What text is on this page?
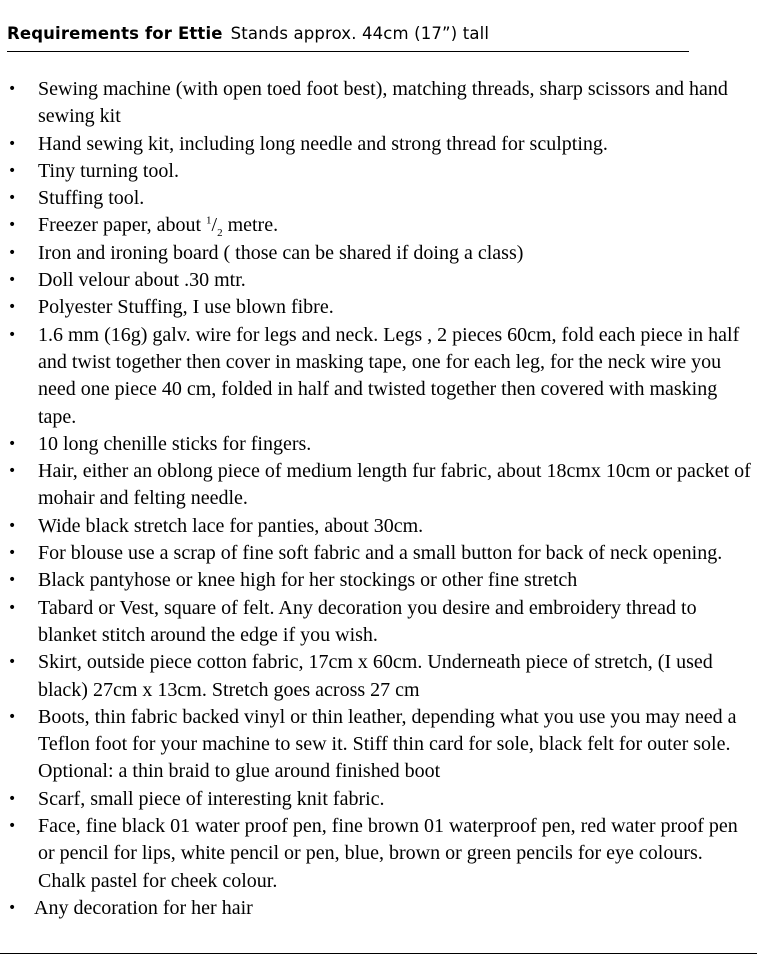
Requirements for Ettie Stands approx. 44cm (17”) tall
•	Sewing machine (with open toed foot best), matching threads, sharp scissors and hand sewing kit
•	Hand sewing kit, including long needle and strong thread for sculpting.
•	Tiny turning tool.
•	Stuffing tool.
•	Freezer paper, about $^1/_2$ metre.
•	Iron and ironing board ( those can be shared if doing a class)
•	Doll velour about .30 mtr.
•	Polyester Stuffing, I use blown fibre.
•	1.6 mm (16g) galv. wire for legs and neck. Legs , 2 pieces 60cm, fold each piece in half and twist together then cover in masking tape, one for each leg, for the neck wire you need one piece 40 cm, folded in half and twisted together then covered with masking tape.
•	10 long chenille sticks for fingers.
•	Hair, either an oblong piece of medium length fur fabric, about 18cmx 10cm or packet of mohair and felting needle.
•	Wide black stretch lace for panties, about 30cm.
•	For blouse use a scrap of fine soft fabric and a small button for back of neck opening.
•	Black pantyhose or knee high for her stockings or other fine stretch
•	Tabard or Vest, square of felt. Any decoration you desire and embroidery thread to blanket stitch around the edge if you wish.
•	Skirt, outside piece cotton fabric, 17cm x 60cm. Underneath piece of stretch, (I used black) 27cm x 13cm. Stretch goes across 27 cm
•	Boots, thin fabric backed vinyl or thin leather, depending what you use you may need a Teflon foot for your machine to sew it. Stiff thin card for sole, black felt for outer sole. Optional: a thin braid to glue around finished boot
•	Scarf, small piece of interesting knit fabric.
•	Face, fine black 01 water proof pen, fine brown 01 waterproof pen, red water proof pen or pencil for lips, white pencil or pen, blue, brown or green pencils for eye colours. Chalk pastel for cheek colour.
• Any decoration for her hair
